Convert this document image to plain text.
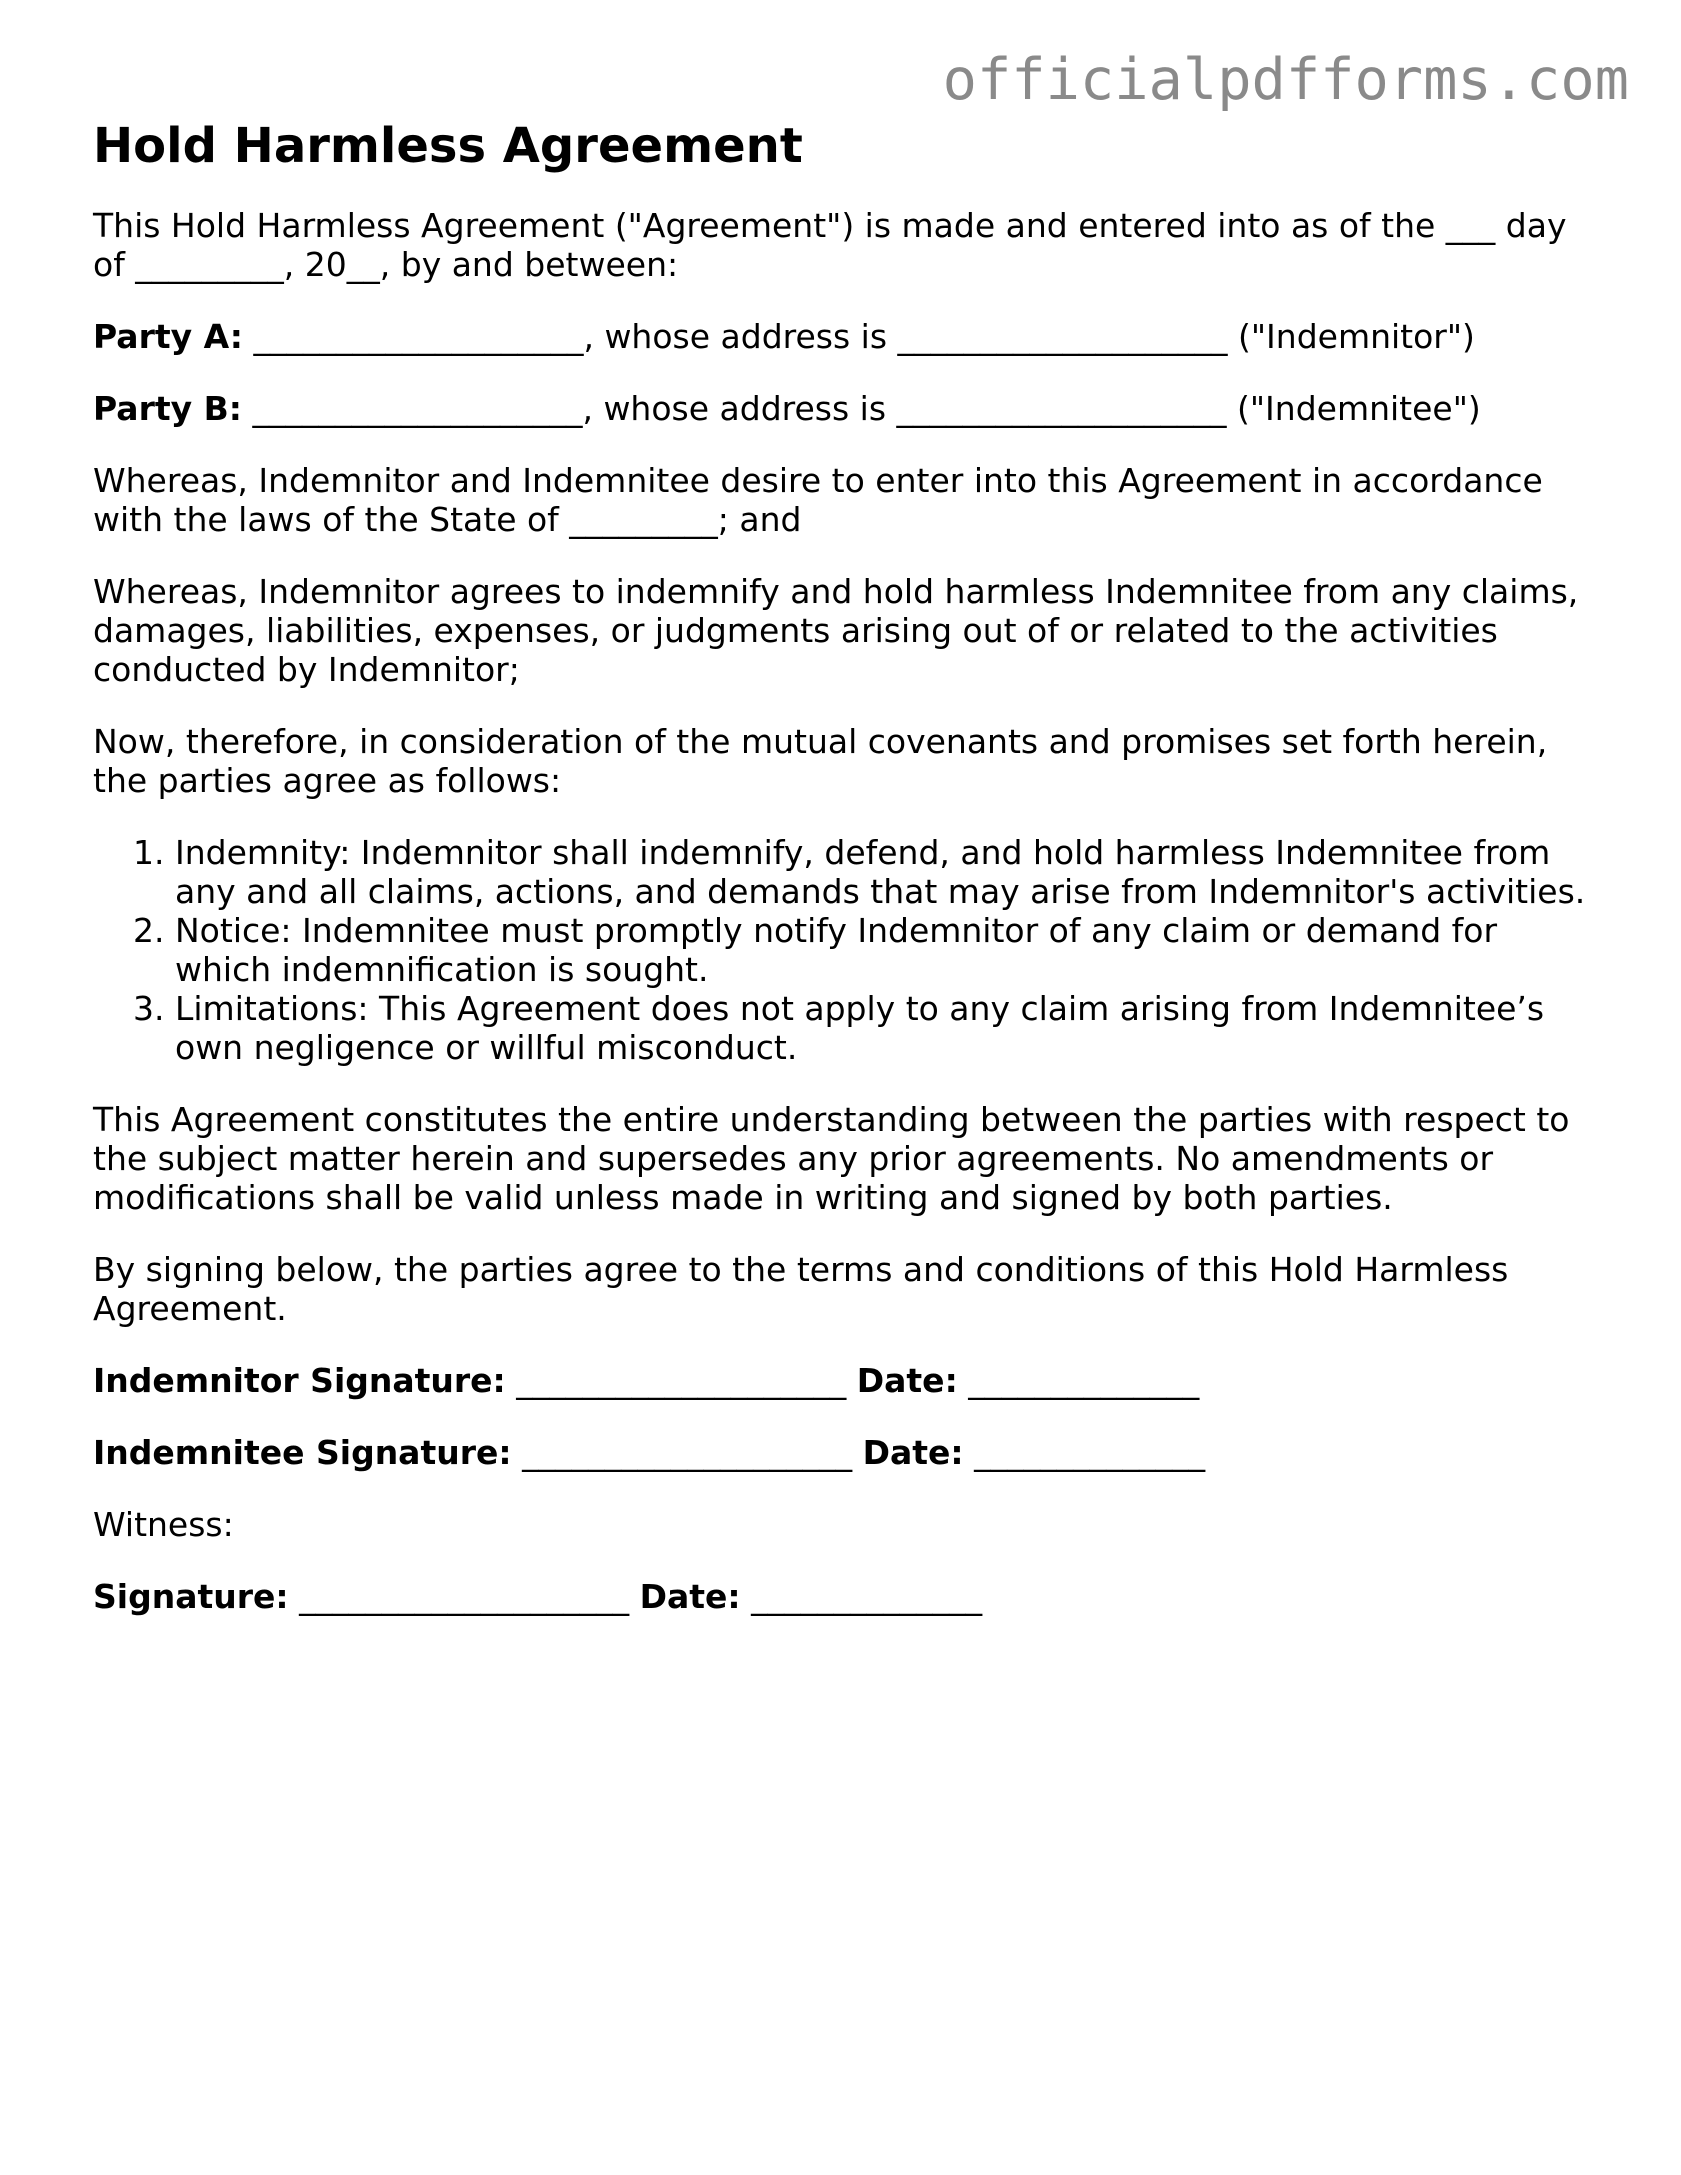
officialpdfforms.com
Hold Harmless Agreement

This Hold Harmless Agreement ("Agreement") is made and entered into as of the ___ day of _________, 20__, by and between:

Party A: ____________________, whose address is ____________________ ("Indemnitor")

Party B: ____________________, whose address is ____________________ ("Indemnitee")

Whereas, Indemnitor and Indemnitee desire to enter into this Agreement in accordance with the laws of the State of _________; and

Whereas, Indemnitor agrees to indemnify and hold harmless Indemnitee from any claims, damages, liabilities, expenses, or judgments arising out of or related to the activities conducted by Indemnitor;

Now, therefore, in consideration of the mutual covenants and promises set forth herein, the parties agree as follows:

1. Indemnity: Indemnitor shall indemnify, defend, and hold harmless Indemnitee from any and all claims, actions, and demands that may arise from Indemnitor's activities.
2. Notice: Indemnitee must promptly notify Indemnitor of any claim or demand for which indemnification is sought.
3. Limitations: This Agreement does not apply to any claim arising from Indemnitee’s own negligence or willful misconduct.

This Agreement constitutes the entire understanding between the parties with respect to the subject matter herein and supersedes any prior agreements. No amendments or modifications shall be valid unless made in writing and signed by both parties.

By signing below, the parties agree to the terms and conditions of this Hold Harmless Agreement.

Indemnitor Signature: ____________________ Date: ______________

Indemnitee Signature: ____________________ Date: ______________

Witness:

Signature: ____________________ Date: ______________
